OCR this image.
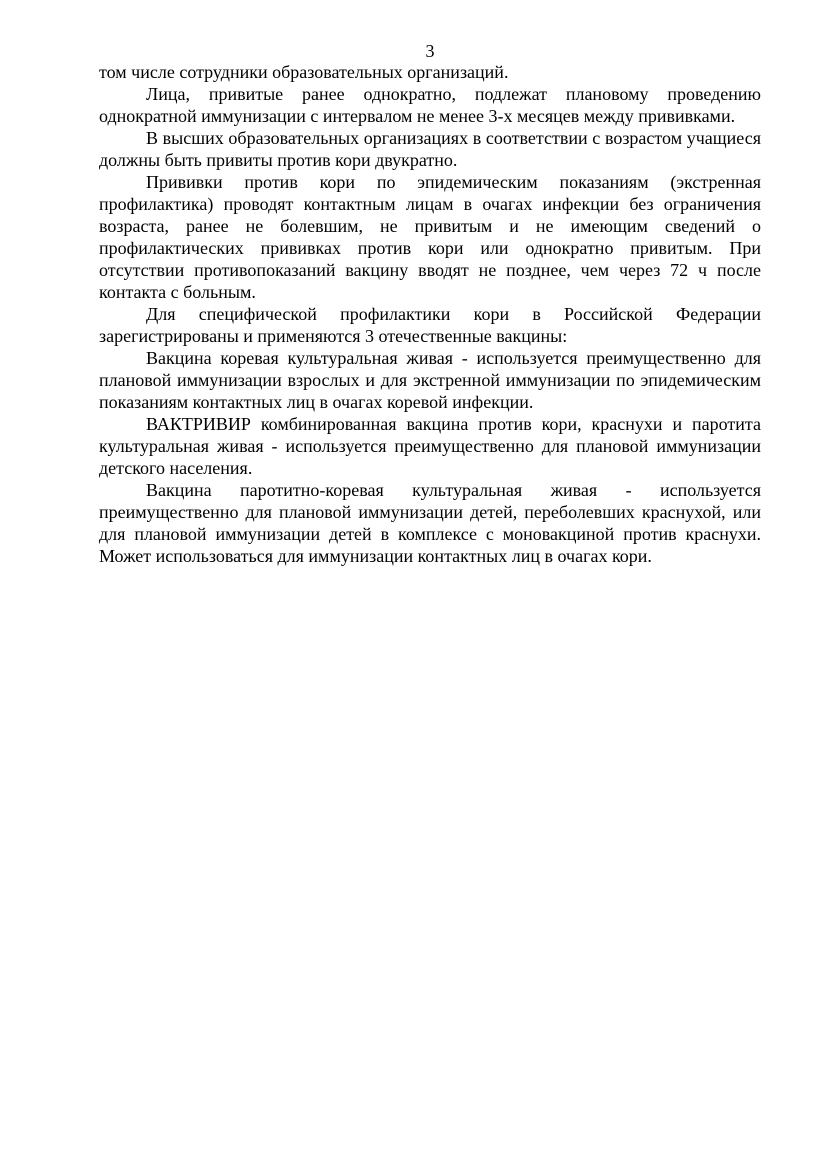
3

том числе сотрудники образовательных организаций.

Лица, привитые ранее однократно, подлежат плановому проведению однократной иммунизации с интервалом не менее 3-х месяцев между прививками.

В высших образовательных организациях в соответствии с возрастом учащиеся должны быть привиты против кори двукратно.

Прививки против кори по эпидемическим показаниям (экстренная профилактика) проводят контактным лицам в очагах инфекции без ограничения возраста, ранее не болевшим, не привитым и не имеющим сведений о профилактических прививках против кори или однократно привитым. При отсутствии противопоказаний вакцину вводят не позднее, чем через 72 ч после контакта с больным.

Для специфической профилактики кори в Российской Федерации зарегистрированы и применяются 3 отечественные вакцины:

Вакцина коревая культуральная живая - используется преимущественно для плановой иммунизации взрослых и для экстренной иммунизации по эпидемическим показаниям контактных лиц в очагах коревой инфекции.

ВАКТРИВИР комбинированная вакцина против кори, краснухи и паротита культуральная живая - используется преимущественно для плановой иммунизации детского населения.

Вакцина паротитно-коревая культуральная живая - используется преимущественно для плановой иммунизации детей, переболевших краснухой, или для плановой иммунизации детей в комплексе с моновакциной против краснухи. Может использоваться для иммунизации контактных лиц в очагах кори.
